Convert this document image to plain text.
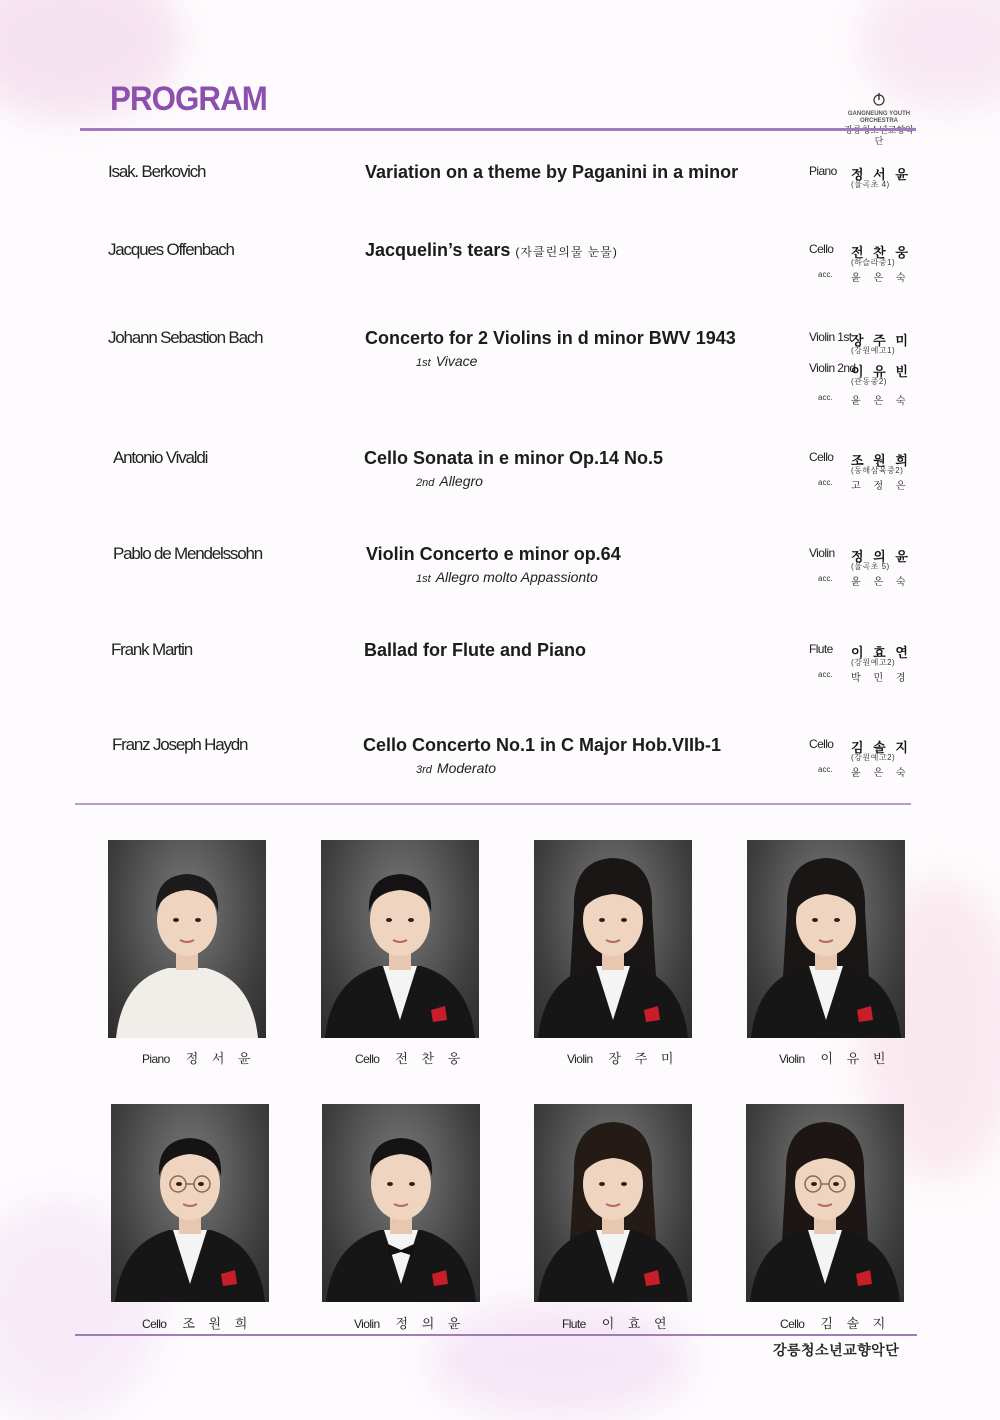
PROGRAM	GANGNEUNG YOUTH ORCHESTRA
단
Isak. Berkovich	Variation on a theme by Paganini in a minor	Piano 정 서 윤
(율곡초 4)
Jacques Offenbach	Jacquelin’s tears (자클린의물 눈물)	Cello 전 찬 웅
(하슬라중1)
acc. 윤 은 숙
Johann Sebastion Bach	Concerto for 2 Violins in d minor BWV 1943
1st Vivace
Violin 1st 장 주 미
(강원예고1)
Violin 2nd
이 유 빈
(관동중2)
acc. 윤 은 숙
Antonio Vivaldi	Cello Sonata in e minor Op.14 No.5
2nd Allegro
Cello 조 원 희
(동해삼육중2)
acc. 고 정 은
Pablo de Mendelssohn	Violin Concerto e minor op.64
1st Allegro molto Appassionto
Violin 정 의 윤
(율곡초 5)
acc. 윤 은 숙
Frank Martin	Ballad for Flute and Piano	Flute 이 효 연
(강원예고2)
acc. 박 민 경
Franz Joseph Haydn	Cello Concerto No.1 in C Major Hob.VIIb-1
3rd Moderato
Cello 김 솔 지
(강원예고2)
acc. 윤 은 숙
Piano 정 서 윤	Cello 전 찬 웅	Violin 장 주 미	Violin 이 유 빈
Cello 조 원 희	Violin 정 의 윤	Flute 이 효 연	Cello 김 솔 지
강릉청소년교향악단
